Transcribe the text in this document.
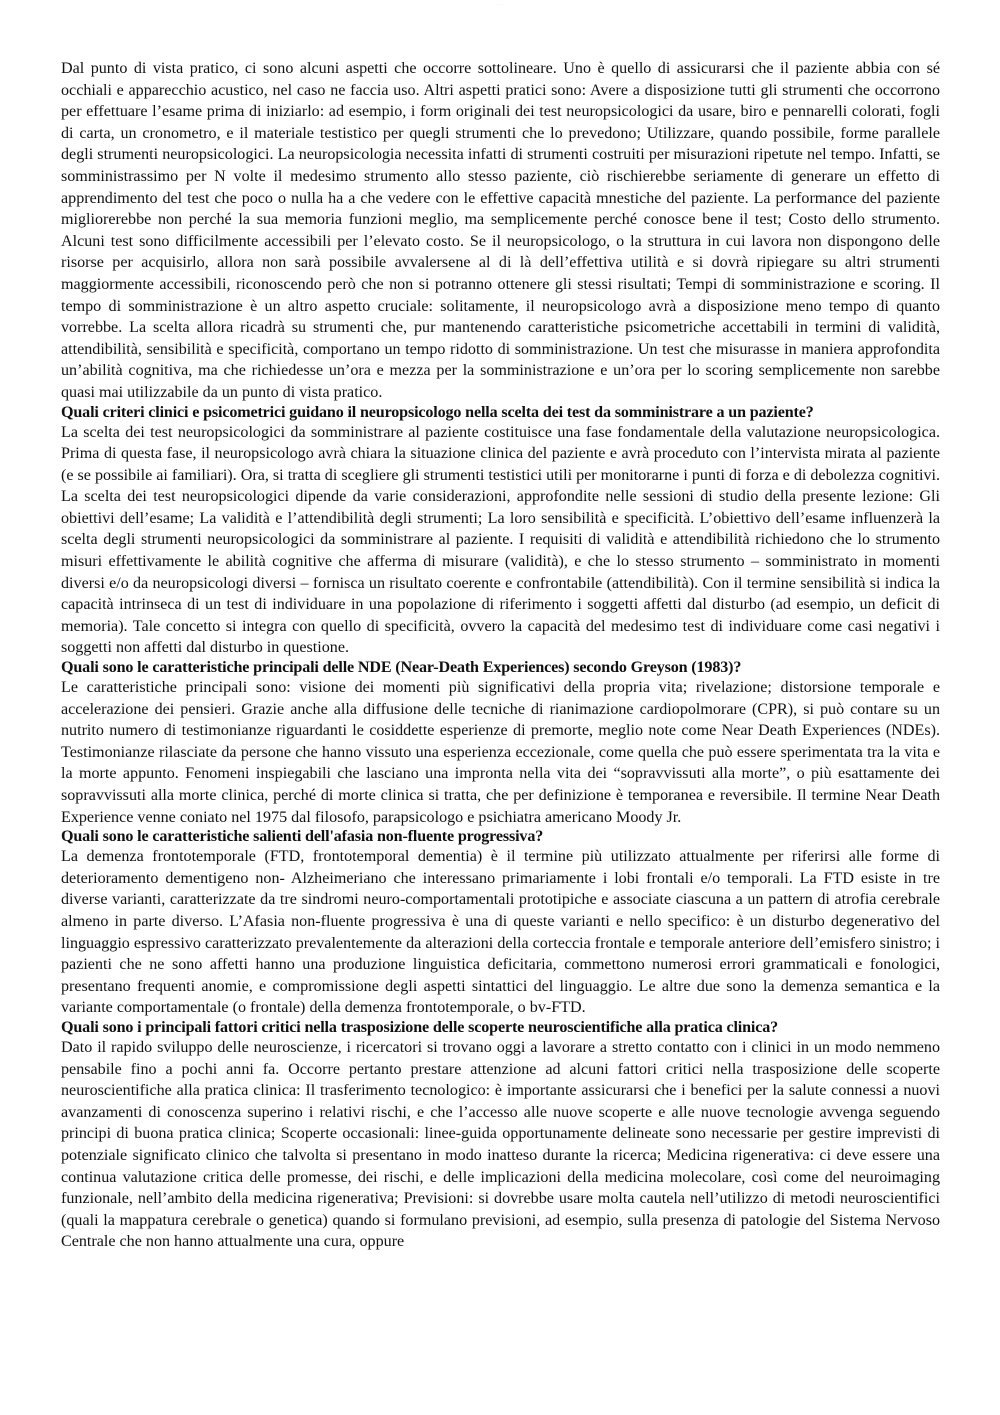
· · · · ·

Dal punto di vista pratico, ci sono alcuni aspetti che occorre sottolineare. Uno è quello di assicurarsi che il paziente abbia con sé occhiali e apparecchio acustico, nel caso ne faccia uso. Altri aspetti pratici sono: Avere a disposizione tutti gli strumenti che occorrono per effettuare l’esame prima di iniziarlo: ad esempio, i form originali dei test neuropsicologici da usare, biro e pennarelli colorati, fogli di carta, un cronometro, e il materiale testistico per quegli strumenti che lo prevedono; Utilizzare, quando possibile, forme parallele degli strumenti neuropsicologici. La neuropsicologia necessita infatti di strumenti costruiti per misurazioni ripetute nel tempo. Infatti, se somministrassimo per N volte il medesimo strumento allo stesso paziente, ciò rischierebbe seriamente di generare un effetto di apprendimento del test che poco o nulla ha a che vedere con le effettive capacità mnestiche del paziente. La performance del paziente migliorerebbe non perché la sua memoria funzioni meglio, ma semplicemente perché conosce bene il test; Costo dello strumento. Alcuni test sono difficilmente accessibili per l’elevato costo. Se il neuropsicologo, o la struttura in cui lavora non dispongono delle risorse per acquisirlo, allora non sarà possibile avvalersene al di là dell’effettiva utilità e si dovrà ripiegare su altri strumenti maggiormente accessibili, riconoscendo però che non si potranno ottenere gli stessi risultati; Tempi di somministrazione e scoring. Il tempo di somministrazione è un altro aspetto cruciale: solitamente, il neuropsicologo avrà a disposizione meno tempo di quanto vorrebbe. La scelta allora ricadrà su strumenti che, pur mantenendo caratteristiche psicometriche accettabili in termini di validità, attendibilità, sensibilità e specificità, comportano un tempo ridotto di somministrazione. Un test che misurasse in maniera approfondita un’abilità cognitiva, ma che richiedesse un’ora e mezza per la somministrazione e un’ora per lo scoring semplicemente non sarebbe quasi mai utilizzabile da un punto di vista pratico.

Quali criteri clinici e psicometrici guidano il neuropsicologo nella scelta dei test da somministrare a un paziente?

La scelta dei test neuropsicologici da somministrare al paziente costituisce una fase fondamentale della valutazione neuropsicologica. Prima di questa fase, il neuropsicologo avrà chiara la situazione clinica del paziente e avrà proceduto con l’intervista mirata al paziente (e se possibile ai familiari). Ora, si tratta di scegliere gli strumenti testistici utili per monitorarne i punti di forza e di debolezza cognitivi. La scelta dei test neuropsicologici dipende da varie considerazioni, approfondite nelle sessioni di studio della presente lezione: Gli obiettivi dell’esame; La validità e l’attendibilità degli strumenti; La loro sensibilità e specificità. L’obiettivo dell’esame influenzerà la scelta degli strumenti neuropsicologici da somministrare al paziente. I requisiti di validità e attendibilità richiedono che lo strumento misuri effettivamente le abilità cognitive che afferma di misurare (validità), e che lo stesso strumento – somministrato in momenti diversi e/o da neuropsicologi diversi – fornisca un risultato coerente e confrontabile (attendibilità). Con il termine sensibilità si indica la capacità intrinseca di un test di individuare in una popolazione di riferimento i soggetti affetti dal disturbo (ad esempio, un deficit di memoria). Tale concetto si integra con quello di specificità, ovvero la capacità del medesimo test di individuare come casi negativi i soggetti non affetti dal disturbo in questione.

Quali sono le caratteristiche principali delle NDE (Near-Death Experiences) secondo Greyson (1983)?

Le caratteristiche principali sono: visione dei momenti più significativi della propria vita; rivelazione; distorsione temporale e accelerazione dei pensieri. Grazie anche alla diffusione delle tecniche di rianimazione cardiopolmorare (CPR), si può contare su un nutrito numero di testimonianze riguardanti le cosiddette esperienze di premorte, meglio note come Near Death Experiences (NDEs). Testimonianze rilasciate da persone che hanno vissuto una esperienza eccezionale, come quella che può essere sperimentata tra la vita e la morte appunto. Fenomeni inspiegabili che lasciano una impronta nella vita dei “sopravvissuti alla morte”, o più esattamente dei sopravvissuti alla morte clinica, perché di morte clinica si tratta, che per definizione è temporanea e reversibile. Il termine Near Death Experience venne coniato nel 1975 dal filosofo, parapsicologo e psichiatra americano Moody Jr.

Quali sono le caratteristiche salienti dell'afasia non-fluente progressiva?

La demenza frontotemporale (FTD, frontotemporal dementia) è il termine più utilizzato attualmente per riferirsi alle forme di deterioramento dementigeno non- Alzheimeriano che interessano primariamente i lobi frontali e/o temporali. La FTD esiste in tre diverse varianti, caratterizzate da tre sindromi neuro-comportamentali prototipiche e associate ciascuna a un pattern di atrofia cerebrale almeno in parte diverso. L’Afasia non-fluente progressiva è una di queste varianti e nello specifico: è un disturbo degenerativo del linguaggio espressivo caratterizzato prevalentemente da alterazioni della corteccia frontale e temporale anteriore dell’emisfero sinistro; i pazienti che ne sono affetti hanno una produzione linguistica deficitaria, commettono numerosi errori grammaticali e fonologici, presentano frequenti anomie, e compromissione degli aspetti sintattici del linguaggio. Le altre due sono la demenza semantica e la variante comportamentale (o frontale) della demenza frontotemporale, o bv-FTD.

Quali sono i principali fattori critici nella trasposizione delle scoperte neuroscientifiche alla pratica clinica?

Dato il rapido sviluppo delle neuroscienze, i ricercatori si trovano oggi a lavorare a stretto contatto con i clinici in un modo nemmeno pensabile fino a pochi anni fa. Occorre pertanto prestare attenzione ad alcuni fattori critici nella trasposizione delle scoperte neuroscientifiche alla pratica clinica: Il trasferimento tecnologico: è importante assicurarsi che i benefici per la salute connessi a nuovi avanzamenti di conoscenza superino i relativi rischi, e che l’accesso alle nuove scoperte e alle nuove tecnologie avvenga seguendo principi di buona pratica clinica; Scoperte occasionali: linee-guida opportunamente delineate sono necessarie per gestire imprevisti di potenziale significato clinico che talvolta si presentano in modo inatteso durante la ricerca; Medicina rigenerativa: ci deve essere una continua valutazione critica delle promesse, dei rischi, e delle implicazioni della medicina molecolare, così come del neuroimaging funzionale, nell’ambito della medicina rigenerativa; Previsioni: si dovrebbe usare molta cautela nell’utilizzo di metodi neuroscientifici (quali la mappatura cerebrale o genetica) quando si formulano previsioni, ad esempio, sulla presenza di patologie del Sistema Nervoso Centrale che non hanno attualmente una cura, oppure
